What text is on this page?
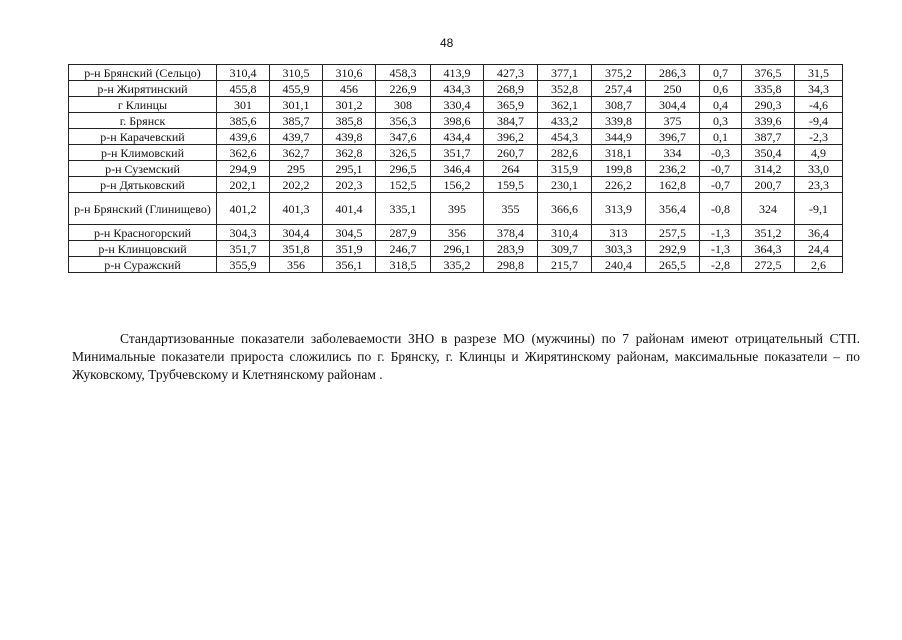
48
р-н Брянский (Сельцо)	310,4	310,5	310,6	458,3	413,9	427,3	377,1	375,2	286,3	0,7	376,5	31,5
р-н Жирятинский	455,8	455,9	456	226,9	434,3	268,9	352,8	257,4	250	0,6	335,8	34,3
г Клинцы	301	301,1	301,2	308	330,4	365,9	362,1	308,7	304,4	0,4	290,3	-4,6
г. Брянск	385,6	385,7	385,8	356,3	398,6	384,7	433,2	339,8	375	0,3	339,6	-9,4
р-н Карачевский	439,6	439,7	439,8	347,6	434,4	396,2	454,3	344,9	396,7	0,1	387,7	-2,3
р-н Климовский	362,6	362,7	362,8	326,5	351,7	260,7	282,6	318,1	334	-0,3	350,4	4,9
р-н Суземский	294,9	295	295,1	296,5	346,4	264	315,9	199,8	236,2	-0,7	314,2	33,0
р-н Дятьковский	202,1	202,2	202,3	152,5	156,2	159,5	230,1	226,2	162,8	-0,7	200,7	23,3
р-н Брянский (Глинищево)	401,2	401,3	401,4	335,1	395	355	366,6	313,9	356,4	-0,8	324	-9,1
р-н Красногорский	304,3	304,4	304,5	287,9	356	378,4	310,4	313	257,5	-1,3	351,2	36,4
р-н Клинцовский	351,7	351,8	351,9	246,7	296,1	283,9	309,7	303,3	292,9	-1,3	364,3	24,4
р-н Суражский	355,9	356	356,1	318,5	335,2	298,8	215,7	240,4	265,5	-2,8	272,5	2,6

Стандартизованные показатели заболеваемости ЗНО в разрезе МО (мужчины) по 7 районам имеют отрицательный СТП. Минимальные показатели прироста сложились по г. Брянску, г. Клинцы и Жирятинскому районам, максимальные показатели – по Жуковскому, Трубчевскому и Клетнянскому районам .
